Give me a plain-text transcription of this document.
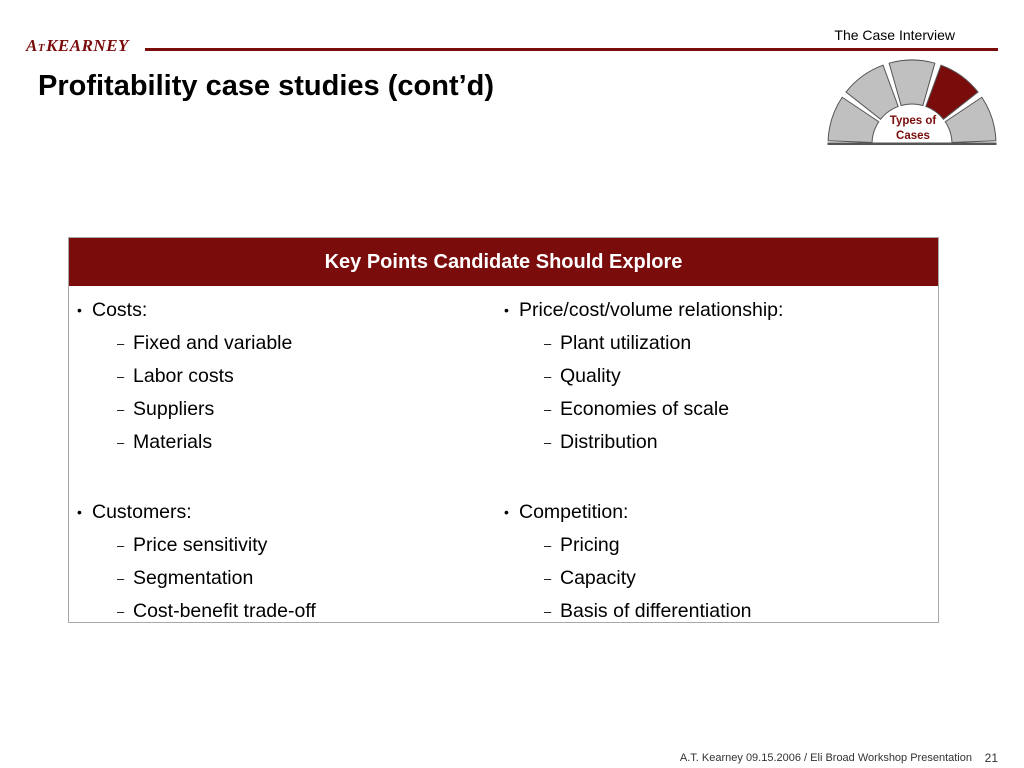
ATKEARNEY
The Case Interview
Profitability case studies (cont’d)
Types of
Cases
Key Points Candidate Should Explore
• Costs:
– Fixed and variable
– Labor costs
– Suppliers
– Materials
• Customers:
– Price sensitivity
– Segmentation
– Cost-benefit trade-off
• Price/cost/volume relationship:
– Plant utilization
– Quality
– Economies of scale
– Distribution
• Competition:
– Pricing
– Capacity
– Basis of differentiation
A.T. Kearney 09.15.2006 / Eli Broad Workshop Presentation 21
